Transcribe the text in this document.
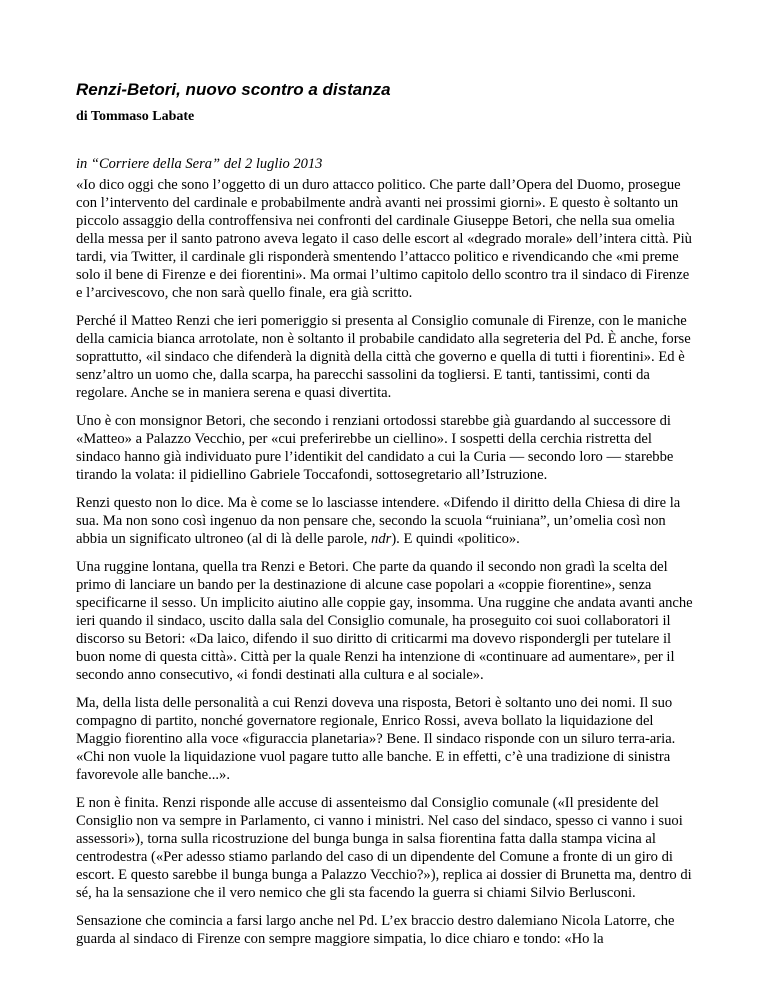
Renzi-Betori, nuovo scontro a distanza
di Tommaso Labate
in “Corriere della Sera” del 2 luglio 2013

«Io dico oggi che sono l’oggetto di un duro attacco politico. Che parte dall’Opera del Duomo, prosegue con l’intervento del cardinale e probabilmente andrà avanti nei prossimi giorni». E questo è soltanto un piccolo assaggio della controffensiva nei confronti del cardinale Giuseppe Betori, che nella sua omelia della messa per il santo patrono aveva legato il caso delle escort al «degrado morale» dell’intera città. Più tardi, via Twitter, il cardinale gli risponderà smentendo l’attacco politico e rivendicando che «mi preme solo il bene di Firenze e dei fiorentini». Ma ormai l’ultimo capitolo dello scontro tra il sindaco di Firenze e l’arcivescovo, che non sarà quello finale, era già scritto.

Perché il Matteo Renzi che ieri pomeriggio si presenta al Consiglio comunale di Firenze, con le maniche della camicia bianca arrotolate, non è soltanto il probabile candidato alla segreteria del Pd. È anche, forse soprattutto, «il sindaco che difenderà la dignità della città che governo e quella di tutti i fiorentini». Ed è senz’altro un uomo che, dalla scarpa, ha parecchi sassolini da togliersi. E tanti, tantissimi, conti da regolare. Anche se in maniera serena e quasi divertita.

Uno è con monsignor Betori, che secondo i renziani ortodossi starebbe già guardando al successore di «Matteo» a Palazzo Vecchio, per «cui preferirebbe un ciellino». I sospetti della cerchia ristretta del sindaco hanno già individuato pure l’identikit del candidato a cui la Curia — secondo loro — starebbe tirando la volata: il pidiellino Gabriele Toccafondi, sottosegretario all’Istruzione.

Renzi questo non lo dice. Ma è come se lo lasciasse intendere. «Difendo il diritto della Chiesa di dire la sua. Ma non sono così ingenuo da non pensare che, secondo la scuola “ruiniana”, un’omelia così non abbia un significato ultroneo (al di là delle parole, ndr). E quindi «politico».

Una ruggine lontana, quella tra Renzi e Betori. Che parte da quando il secondo non gradì la scelta del primo di lanciare un bando per la destinazione di alcune case popolari a «coppie fiorentine», senza specificarne il sesso. Un implicito aiutino alle coppie gay, insomma. Una ruggine che andata avanti anche ieri quando il sindaco, uscito dalla sala del Consiglio comunale, ha proseguito coi suoi collaboratori il discorso su Betori: «Da laico, difendo il suo diritto di criticarmi ma dovevo rispondergli per tutelare il buon nome di questa città». Città per la quale Renzi ha intenzione di «continuare ad aumentare», per il secondo anno consecutivo, «i fondi destinati alla cultura e al sociale».

Ma, della lista delle personalità a cui Renzi doveva una risposta, Betori è soltanto uno dei nomi. Il suo compagno di partito, nonché governatore regionale, Enrico Rossi, aveva bollato la liquidazione del Maggio fiorentino alla voce «figuraccia planetaria»? Bene. Il sindaco risponde con un siluro terra-aria. «Chi non vuole la liquidazione vuol pagare tutto alle banche. E in effetti, c’è una tradizione di sinistra favorevole alle banche...».

E non è finita. Renzi risponde alle accuse di assenteismo dal Consiglio comunale («Il presidente del Consiglio non va sempre in Parlamento, ci vanno i ministri. Nel caso del sindaco, spesso ci vanno i suoi assessori»), torna sulla ricostruzione del bunga bunga in salsa fiorentina fatta dalla stampa vicina al centrodestra («Per adesso stiamo parlando del caso di un dipendente del Comune a fronte di un giro di escort. E questo sarebbe il bunga bunga a Palazzo Vecchio?»), replica ai dossier di Brunetta ma, dentro di sé, ha la sensazione che il vero nemico che gli sta facendo la guerra si chiami Silvio Berlusconi.

Sensazione che comincia a farsi largo anche nel Pd. L’ex braccio destro dalemiano Nicola Latorre, che guarda al sindaco di Firenze con sempre maggiore simpatia, lo dice chiaro e tondo: «Ho la
